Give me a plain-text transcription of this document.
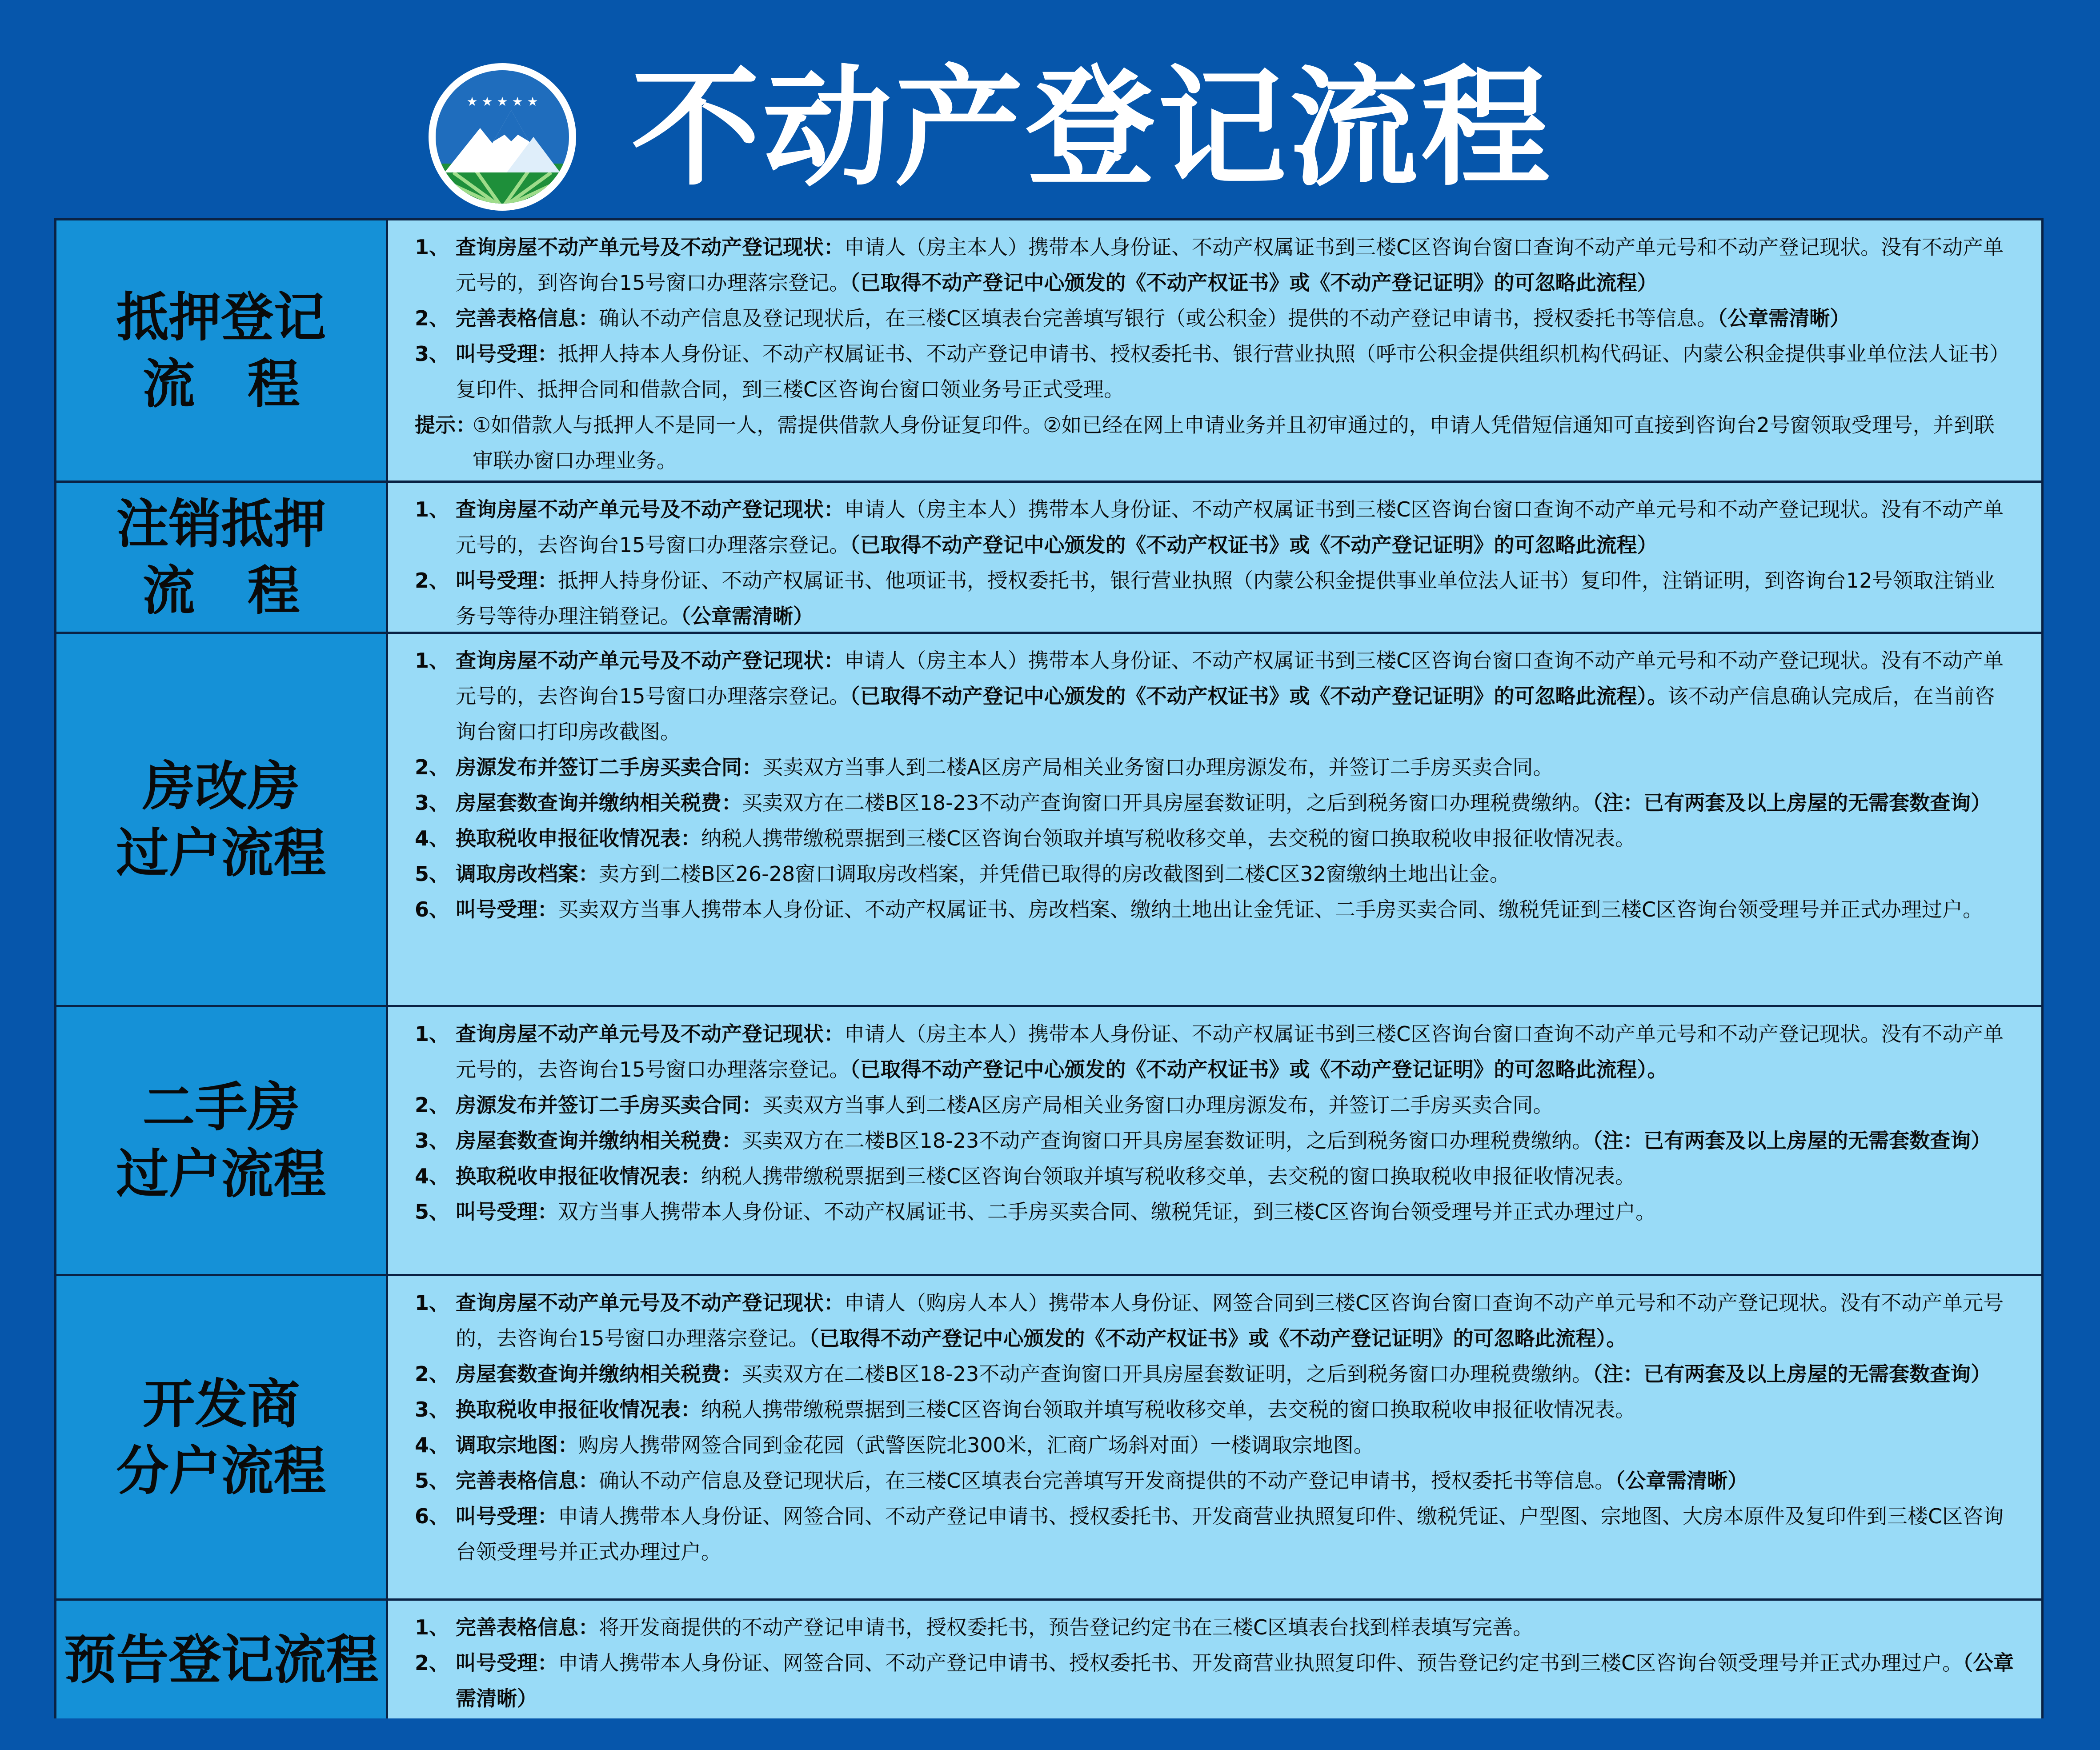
★ ★ ★ ★ ★ 不动产登记流程
抵押登记
流　程
1、 查询房屋不动产单元号及不动产登记现状：申请人（房主本人）携带本人身份证、不动产权属证书到三楼C区咨询台窗口查询不动产单元号和不动产登记现状。没有不动产单元号的，到咨询台15号窗口办理落宗登记。（已取得不动产登记中心颁发的《不动产权证书》或《不动产登记证明》的可忽略此流程）
2、 完善表格信息：确认不动产信息及登记现状后，在三楼C区填表台完善填写银行（或公积金）提供的不动产登记申请书，授权委托书等信息。（公章需清晰）
3、 叫号受理：抵押人持本人身份证、不动产权属证书、不动产登记申请书、授权委托书、银行营业执照（呼市公积金提供组织机构代码证、内蒙公积金提供事业单位法人证书）复印件、抵押合同和借款合同，到三楼C区咨询台窗口领业务号正式受理。
提示：
①如借款人与抵押人不是同一人，需提供借款人身份证复印件。②如已经在网上申请业务并且初审通过的，申请人凭借短信通知可直接到咨询台2号窗领取受理号，并到联审联办窗口办理业务。
注销抵押
流　程
1、 查询房屋不动产单元号及不动产登记现状：申请人（房主本人）携带本人身份证、不动产权属证书到三楼C区咨询台窗口查询不动产单元号和不动产登记现状。没有不动产单元号的，去咨询台15号窗口办理落宗登记。（已取得不动产登记中心颁发的《不动产权证书》或《不动产登记证明》的可忽略此流程）
2、 叫号受理：抵押人持身份证、不动产权属证书、他项证书，授权委托书，银行营业执照（内蒙公积金提供事业单位法人证书）复印件，注销证明，到咨询台12号领取注销业务号等待办理注销登记。（公章需清晰）
房改房
过户流程
1、 查询房屋不动产单元号及不动产登记现状：申请人（房主本人）携带本人身份证、不动产权属证书到三楼C区咨询台窗口查询不动产单元号和不动产登记现状。没有不动产单元号的，去咨询台15号窗口办理落宗登记。（已取得不动产登记中心颁发的《不动产权证书》或《不动产登记证明》的可忽略此流程）。该不动产信息确认完成后，在当前咨询台窗口打印房改截图。
2、 房源发布并签订二手房买卖合同：买卖双方当事人到二楼A区房产局相关业务窗口办理房源发布，并签订二手房买卖合同。
3、 房屋套数查询并缴纳相关税费：买卖双方在二楼B区18-23不动产查询窗口开具房屋套数证明，之后到税务窗口办理税费缴纳。（注：已有两套及以上房屋的无需套数查询）
4、 换取税收申报征收情况表：纳税人携带缴税票据到三楼C区咨询台领取并填写税收移交单，去交税的窗口换取税收申报征收情况表。
5、 调取房改档案：卖方到二楼B区26-28窗口调取房改档案，并凭借已取得的房改截图到二楼C区32窗缴纳土地出让金。
6、 叫号受理：买卖双方当事人携带本人身份证、不动产权属证书、房改档案、缴纳土地出让金凭证、二手房买卖合同、缴税凭证到三楼C区咨询台领受理号并正式办理过户。
二手房
过户流程
1、 查询房屋不动产单元号及不动产登记现状：申请人（房主本人）携带本人身份证、不动产权属证书到三楼C区咨询台窗口查询不动产单元号和不动产登记现状。没有不动产单元号的，去咨询台15号窗口办理落宗登记。（已取得不动产登记中心颁发的《不动产权证书》或《不动产登记证明》的可忽略此流程）。
2、 房源发布并签订二手房买卖合同：买卖双方当事人到二楼A区房产局相关业务窗口办理房源发布，并签订二手房买卖合同。
3、 房屋套数查询并缴纳相关税费：买卖双方在二楼B区18-23不动产查询窗口开具房屋套数证明，之后到税务窗口办理税费缴纳。（注：已有两套及以上房屋的无需套数查询）
4、 换取税收申报征收情况表：纳税人携带缴税票据到三楼C区咨询台领取并填写税收移交单，去交税的窗口换取税收申报征收情况表。
5、 叫号受理：双方当事人携带本人身份证、不动产权属证书、二手房买卖合同、缴税凭证，到三楼C区咨询台领受理号并正式办理过户。
开发商
分户流程
1、 查询房屋不动产单元号及不动产登记现状：申请人（购房人本人）携带本人身份证、网签合同到三楼C区咨询台窗口查询不动产单元号和不动产登记现状。没有不动产单元号的，去咨询台15号窗口办理落宗登记。（已取得不动产登记中心颁发的《不动产权证书》或《不动产登记证明》的可忽略此流程）。
2、 房屋套数查询并缴纳相关税费：买卖双方在二楼B区18-23不动产查询窗口开具房屋套数证明，之后到税务窗口办理税费缴纳。（注：已有两套及以上房屋的无需套数查询）
3、 换取税收申报征收情况表：纳税人携带缴税票据到三楼C区咨询台领取并填写税收移交单，去交税的窗口换取税收申报征收情况表。
4、 调取宗地图：购房人携带网签合同到金花园（武警医院北300米，汇商广场斜对面）一楼调取宗地图。
5、 完善表格信息：确认不动产信息及登记现状后，在三楼C区填表台完善填写开发商提供的不动产登记申请书，授权委托书等信息。（公章需清晰）
6、 叫号受理：申请人携带本人身份证、网签合同、不动产登记申请书、授权委托书、开发商营业执照复印件、缴税凭证、户型图、宗地图、大房本原件及复印件到三楼C区咨询台领受理号并正式办理过户。
预告登记流程
1、 完善表格信息：将开发商提供的不动产登记申请书，授权委托书，预告登记约定书在三楼C区填表台找到样表填写完善。
2、 叫号受理：申请人携带本人身份证、网签合同、不动产登记申请书、授权委托书、开发商营业执照复印件、预告登记约定书到三楼C区咨询台领受理号并正式办理过户。（公章需清晰）
